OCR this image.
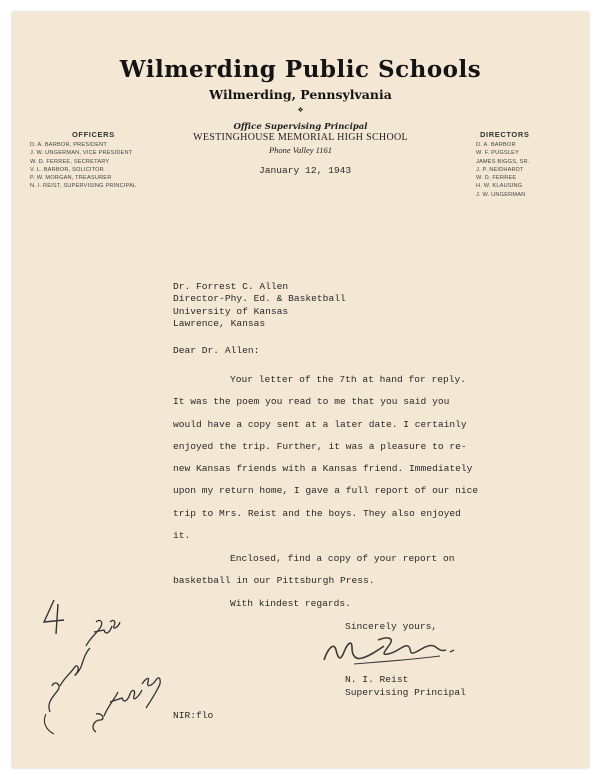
Wilmerding Public Schools
Wilmerding, Pennsylvania
❖
Office Supervising Principal
WESTINGHOUSE MEMORIAL HIGH SCHOOL
Phone Valley 1161
OFFICERS
D. A. BARBOR, PRESIDENT
J. W. UNGERMAN, VICE PRESIDENT
W. D. FERREE, SECRETARY
V. L. BARBOR, SOLICITOR
P. W. MORGAN, TREASURER
N. I. REIST, SUPERVISING PRINCIPAL
DIRECTORS
D. A. BARBOR
W. F. PUGSLEY
JAMES BIGGS, SR.
J. P. NEIDHARDT
W. D. FERREE
H. W. KLAUSING
J. W. UNGERMAN
January 12, 1943
Dr. Forrest C. Allen
Director-Phy. Ed. & Basketball
University of Kansas
Lawrence, Kansas
Dear Dr. Allen:
Your letter of the 7th at hand for reply.
It was the poem you read to me that you said you
would have a copy sent at a later date. I certainly
enjoyed the trip. Further, it was a pleasure to re-
new Kansas friends with a Kansas friend. Immediately
upon my return home, I gave a full report of our nice
trip to Mrs. Reist and the boys. They also enjoyed
it.
Enclosed, find a copy of your report on
basketball in our Pittsburgh Press.
With kindest regards.
Sincerely yours,
N. I. Reist
Supervising Principal
NIR:flo
